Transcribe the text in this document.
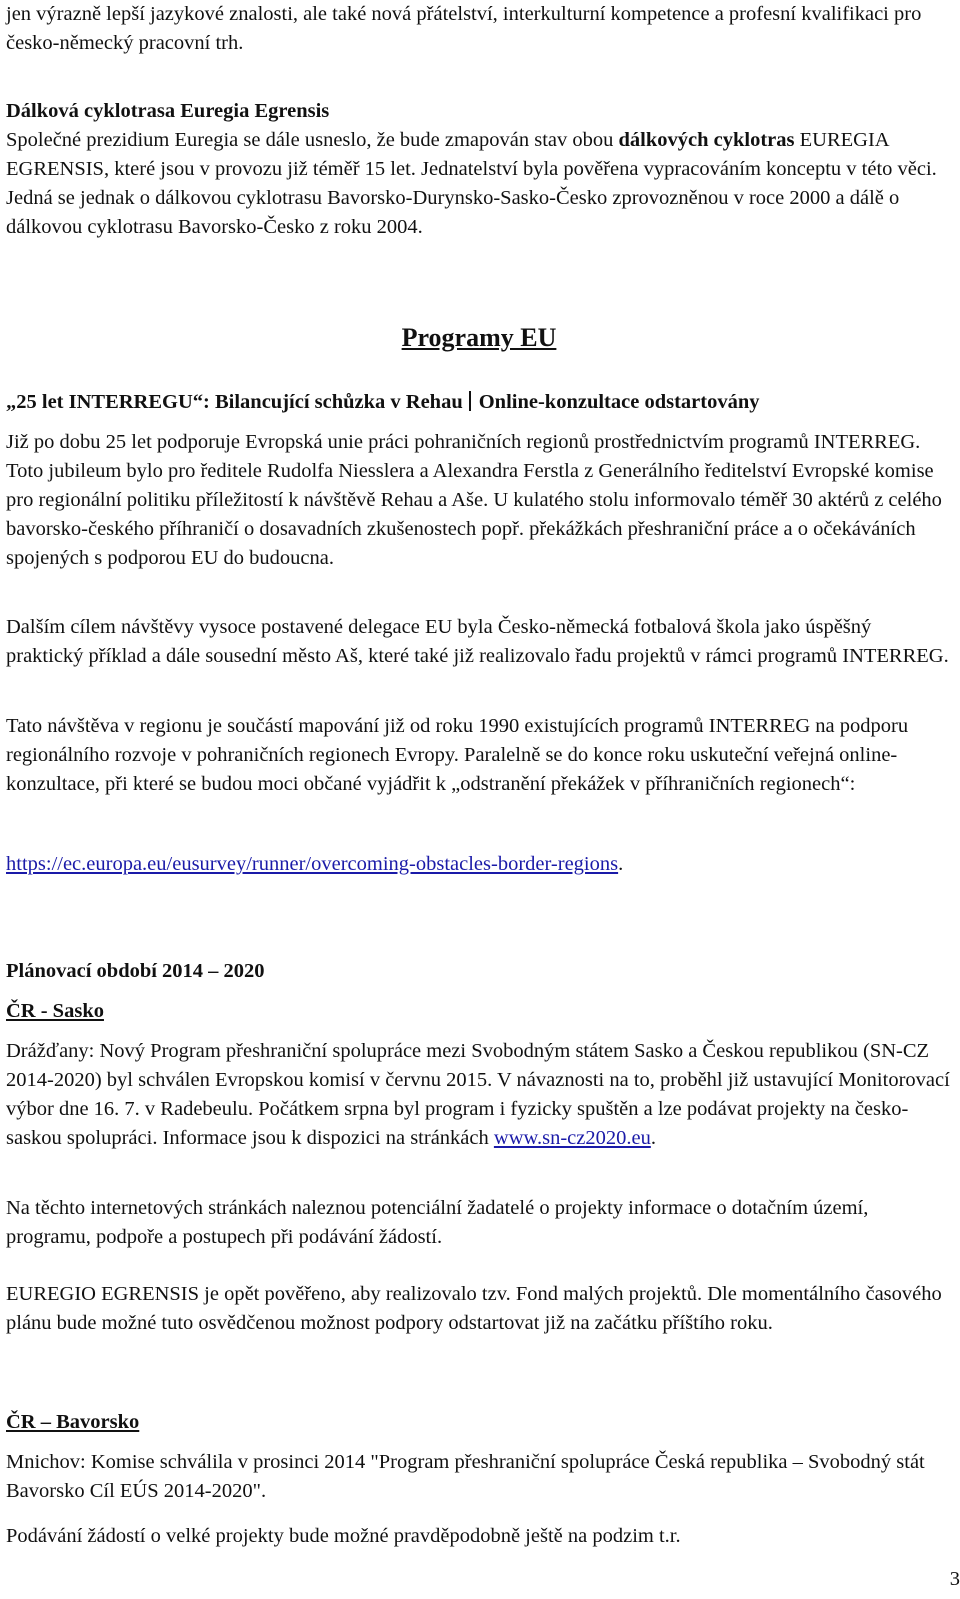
jen výrazně lepší jazykové znalosti, ale také nová přátelství, interkulturní kompetence a profesní kvalifikaci pro česko-německý pracovní trh.

Dálková cyklotrasa Euregia Egrensis

Společné prezidium Euregia se dále usneslo, že bude zmapován stav obou dálkových cyklotras EUREGIA EGRENSIS, které jsou v provozu již téměř 15 let. Jednatelství byla pověřena vypracováním konceptu v této věci. Jedná se jednak o dálkovou cyklotrasu Bavorsko-Durynsko-Sasko-Česko zprovozněnou v roce 2000 a dálě o dálkovou cyklotrasu Bavorsko-Česko z roku 2004.

Programy EU

„25 let INTERREGU“: Bilancující schůzka v Rehau Online-konzultace odstartovány

Již po dobu 25 let podporuje Evropská unie práci pohraničních regionů prostřednictvím programů INTERREG. Toto jubileum bylo pro ředitele Rudolfa Niesslera a Alexandra Ferstla z Generálního ředitelství Evropské komise pro regionální politiku příležitostí k návštěvě Rehau a Aše. U kulatého stolu informovalo téměř 30 aktérů z celého bavorsko-českého příhraničí o dosavadních zkušenostech popř. překážkách přeshraniční práce a o očekáváních spojených s podporou EU do budoucna.

Dalším cílem návštěvy vysoce postavené delegace EU byla Česko-německá fotbalová škola jako úspěšný praktický příklad a dále sousední město Aš, které také již realizovalo řadu projektů v rámci programů INTERREG.

Tato návštěva v regionu je součástí mapování již od roku 1990 existujících programů INTERREG na podporu regionálního rozvoje v pohraničních regionech Evropy. Paralelně se do konce roku uskuteční veřejná online-konzultace, při které se budou moci občané vyjádřit k „odstranění překážek v příhraničních regionech“:

https://ec.europa.eu/eusurvey/runner/overcoming-obstacles-border-regions.

Plánovací období 2014 – 2020

ČR - Sasko

Drážďany: Nový Program přeshraniční spolupráce mezi Svobodným státem Sasko a Českou republikou (SN-CZ 2014-2020) byl schválen Evropskou komisí v červnu 2015. V návaznosti na to, proběhl již ustavující Monitorovací výbor dne 16. 7. v Radebeulu. Počátkem srpna byl program i fyzicky spuštěn a lze podávat projekty na česko-saskou spolupráci. Informace jsou k dispozici na stránkách www.sn-cz2020.eu.

Na těchto internetových stránkách naleznou potenciální žadatelé o projekty informace o dotačním území, programu, podpoře a postupech při podávání žádostí.

EUREGIO EGRENSIS je opět pověřeno, aby realizovalo tzv. Fond malých projektů. Dle momentálního časového plánu bude možné tuto osvědčenou možnost podpory odstartovat již na začátku příštího roku.

ČR – Bavorsko

Mnichov: Komise schválila v prosinci 2014 "Program přeshraniční spolupráce Česká republika – Svobodný stát Bavorsko Cíl EÚS 2014-2020".

Podávání žádostí o velké projekty bude možné pravděpodobně ještě na podzim t.r.

3
